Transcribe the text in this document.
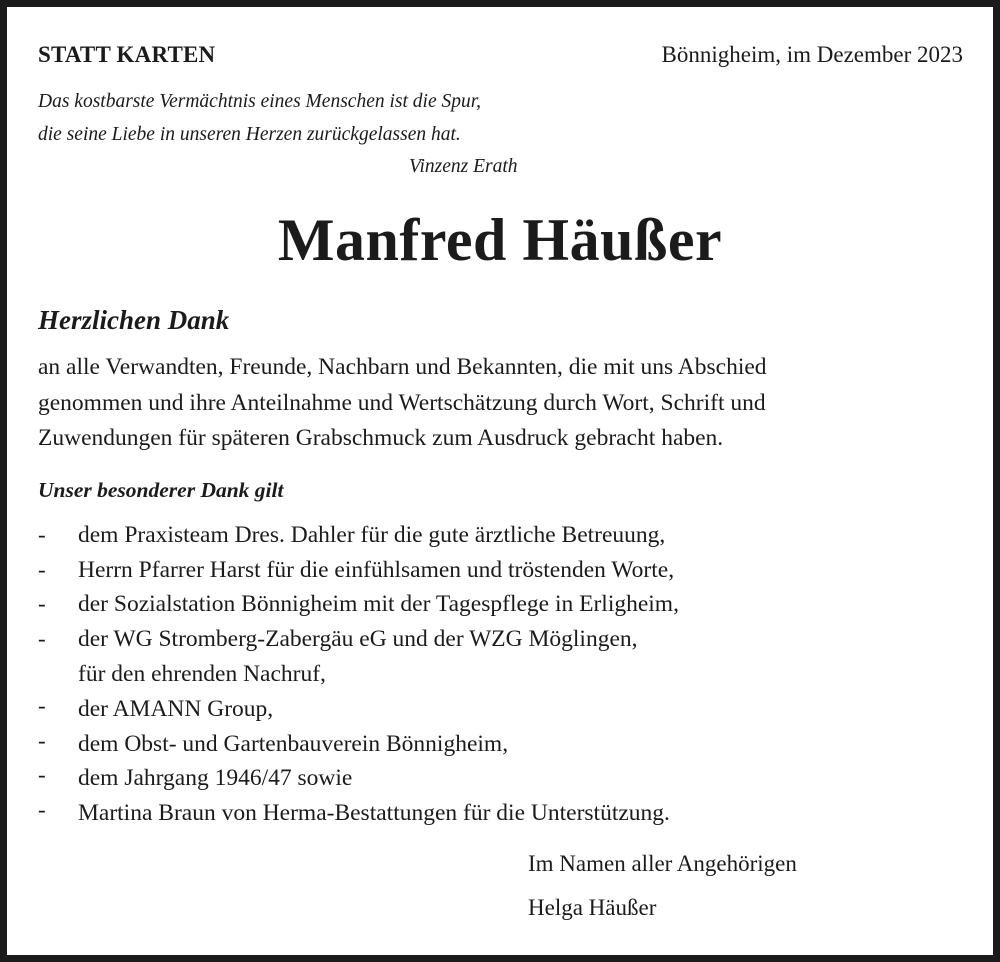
STATT KARTEN	Bönnigheim, im Dezember 2023
Das kostbarste Vermächtnis eines Menschen ist die Spur,
die seine Liebe in unseren Herzen zurückgelassen hat.
Vinzenz Erath
Manfred Häußer
Herzlichen Dank
an alle Verwandten, Freunde, Nachbarn und Bekannten, die mit uns Abschied
genommen und ihre Anteilnahme und Wertschätzung durch Wort, Schrift und
Zuwendungen für späteren Grabschmuck zum Ausdruck gebracht haben.
Unser besonderer Dank gilt
- dem Praxisteam Dres. Dahler für die gute ärztliche Betreuung,
- Herrn Pfarrer Harst für die einfühlsamen und tröstenden Worte,
- der Sozialstation Bönnigheim mit der Tagespflege in Erligheim,
- der WG Stromberg-Zabergäu eG und der WZG Möglingen,
für den ehrenden Nachruf,
- der AMANN Group,
- dem Obst- und Gartenbauverein Bönnigheim,
- dem Jahrgang 1946/47 sowie
- Martina Braun von Herma-Bestattungen für die Unterstützung.
Im Namen aller Angehörigen
Helga Häußer
